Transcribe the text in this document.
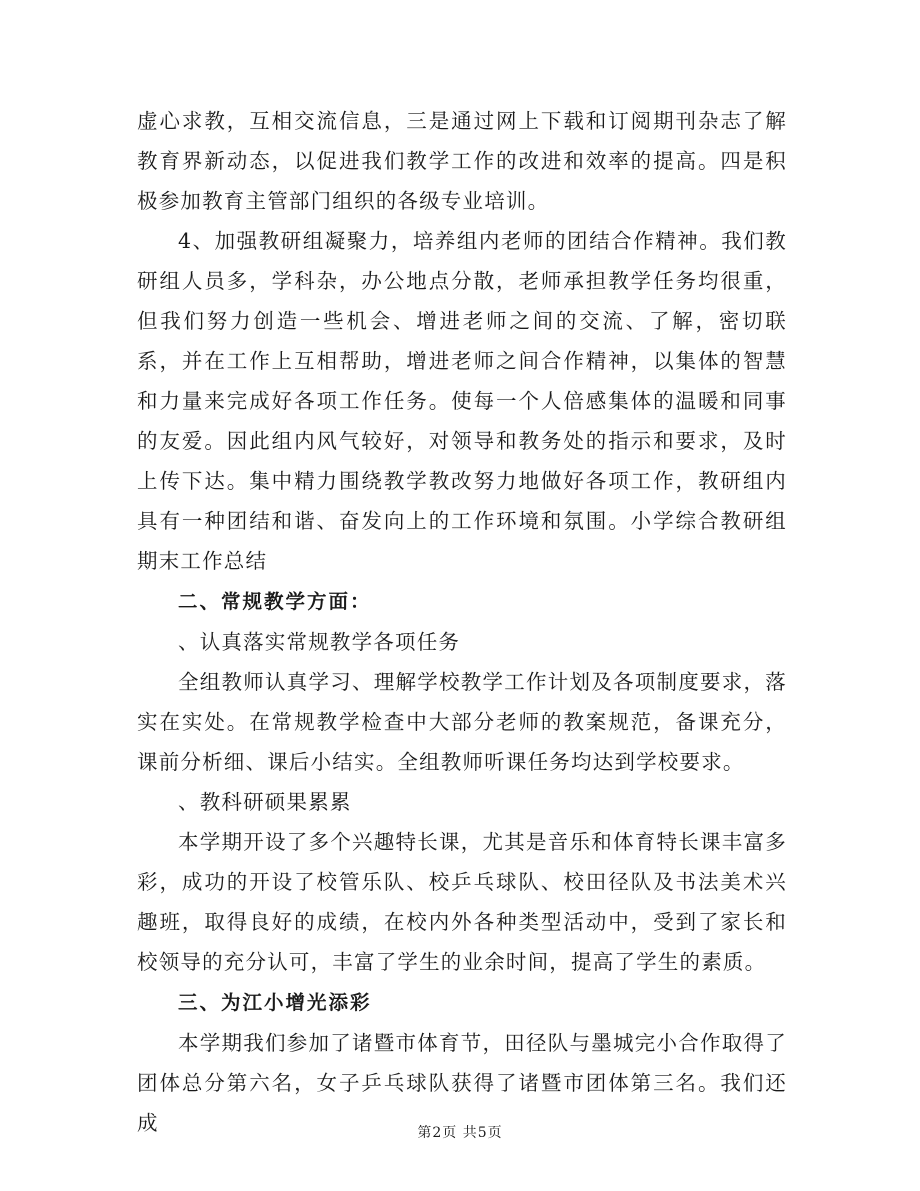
虚心求教，互相交流信息，三是通过网上下载和订阅期刊杂志了解教育界新动态，以促进我们教学工作的改进和效率的提高。四是积极参加教育主管部门组织的各级专业培训。

4、加强教研组凝聚力，培养组内老师的团结合作精神。我们教研组人员多，学科杂，办公地点分散，老师承担教学任务均很重，但我们努力创造一些机会、增进老师之间的交流、了解，密切联系，并在工作上互相帮助，增进老师之间合作精神，以集体的智慧和力量来完成好各项工作任务。使每一个人倍感集体的温暖和同事的友爱。因此组内风气较好，对领导和教务处的指示和要求，及时上传下达。集中精力围绕教学教改努力地做好各项工作，教研组内具有一种团结和谐、奋发向上的工作环境和氛围。小学综合教研组期末工作总结

二、常规教学方面：

、认真落实常规教学各项任务

全组教师认真学习、理解学校教学工作计划及各项制度要求，落实在实处。在常规教学检查中大部分老师的教案规范，备课充分，课前分析细、课后小结实。全组教师听课任务均达到学校要求。

、教科研硕果累累

本学期开设了多个兴趣特长课，尤其是音乐和体育特长课丰富多彩，成功的开设了校管乐队、校乒乓球队、校田径队及书法美术兴趣班，取得良好的成绩，在校内外各种类型活动中，受到了家长和校领导的充分认可，丰富了学生的业余时间，提高了学生的素质。

三、为江小增光添彩

本学期我们参加了诸暨市体育节，田径队与墨城完小合作取得了团体总分第六名，女子乒乓球队获得了诸暨市团体第三名。我们还成	第2页 共5页
